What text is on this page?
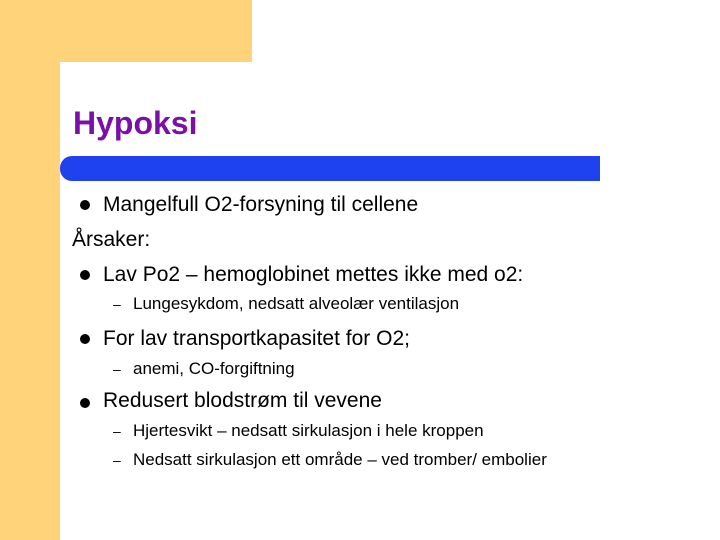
Hypoksi
Mangelfull O2-forsyning til cellene
Årsaker:
Lav Po2 – hemoglobinet mettes ikke med o2:
– Lungesykdom, nedsatt alveolær ventilasjon
For lav transportkapasitet for O2;
– anemi, CO-forgiftning
Redusert blodstrøm til vevene
– Hjertesvikt – nedsatt sirkulasjon i hele kroppen
– Nedsatt sirkulasjon ett område – ved tromber/ embolier
